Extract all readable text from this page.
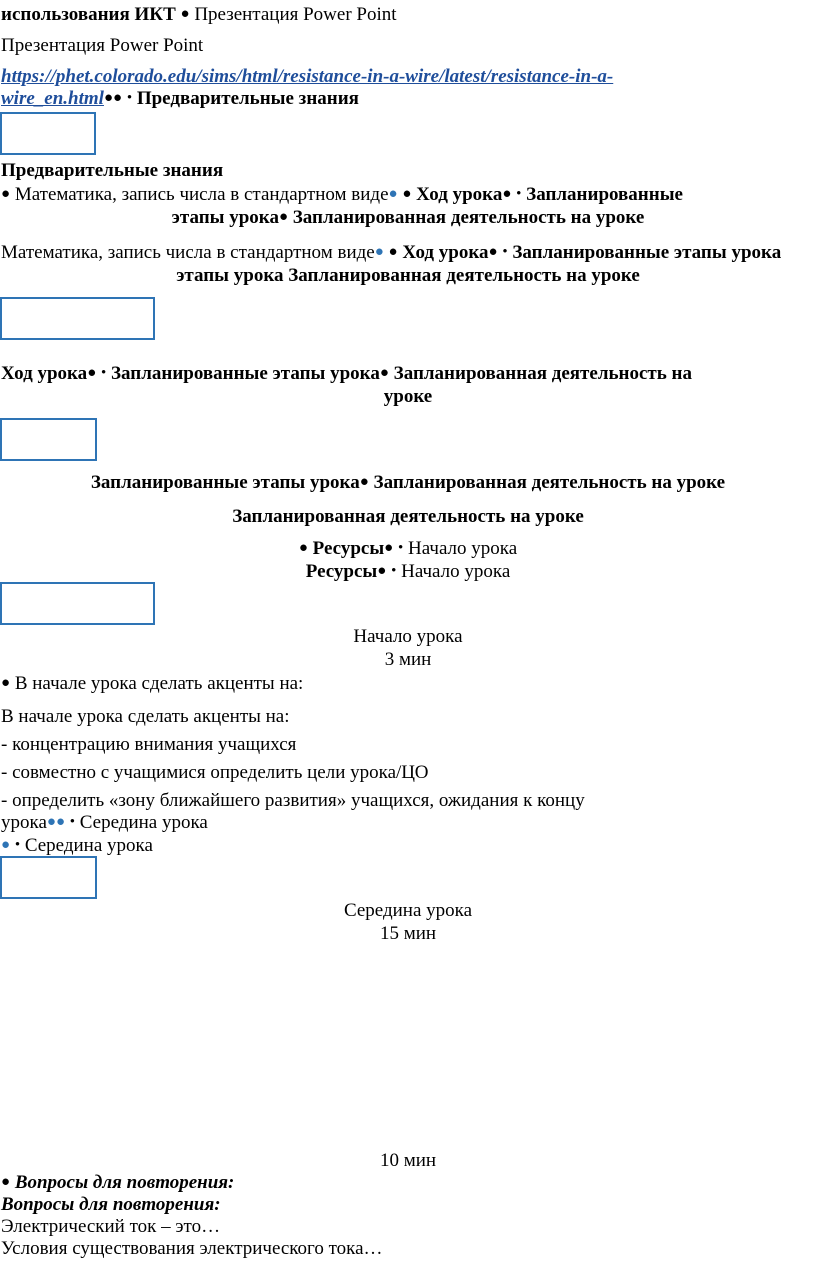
использования ИКТ ● Презентация Power Point
Презентация Power Point
https://phet.colorado.edu/sims/html/resistance-in-a-wire/latest/resistance-in-a-
wire_en.html●● • Предварительные знания
Предварительные знания
● Математика, запись числа в стандартном виде● ● Ход урока● • Запланированные
этапы урока● Запланированная деятельность на уроке
Математика, запись числа в стандартном виде● ● Ход урока● • Запланированные этапы урока
этапы урока Запланированная деятельность на уроке
Ход урока● • Запланированные этапы урока● Запланированная деятельность на
уроке
Запланированные этапы урока● Запланированная деятельность на уроке
Запланированная деятельность на уроке
● Ресурсы● • Начало урока
Ресурсы● • Начало урока
Начало урока
3 мин
● В начале урока сделать акценты на:
В начале урока сделать акценты на:
- концентрацию внимания учащихся
- совместно с учащимися определить цели урока/ЦО
- определить «зону ближайшего развития» учащихся, ожидания к концу
урока●● • Середина урока
● • Середина урока
Середина урока
15 мин
10 мин
● Вопросы для повторения:
Вопросы для повторения:
Электрический ток – это…
Условия существования электрического тока…
